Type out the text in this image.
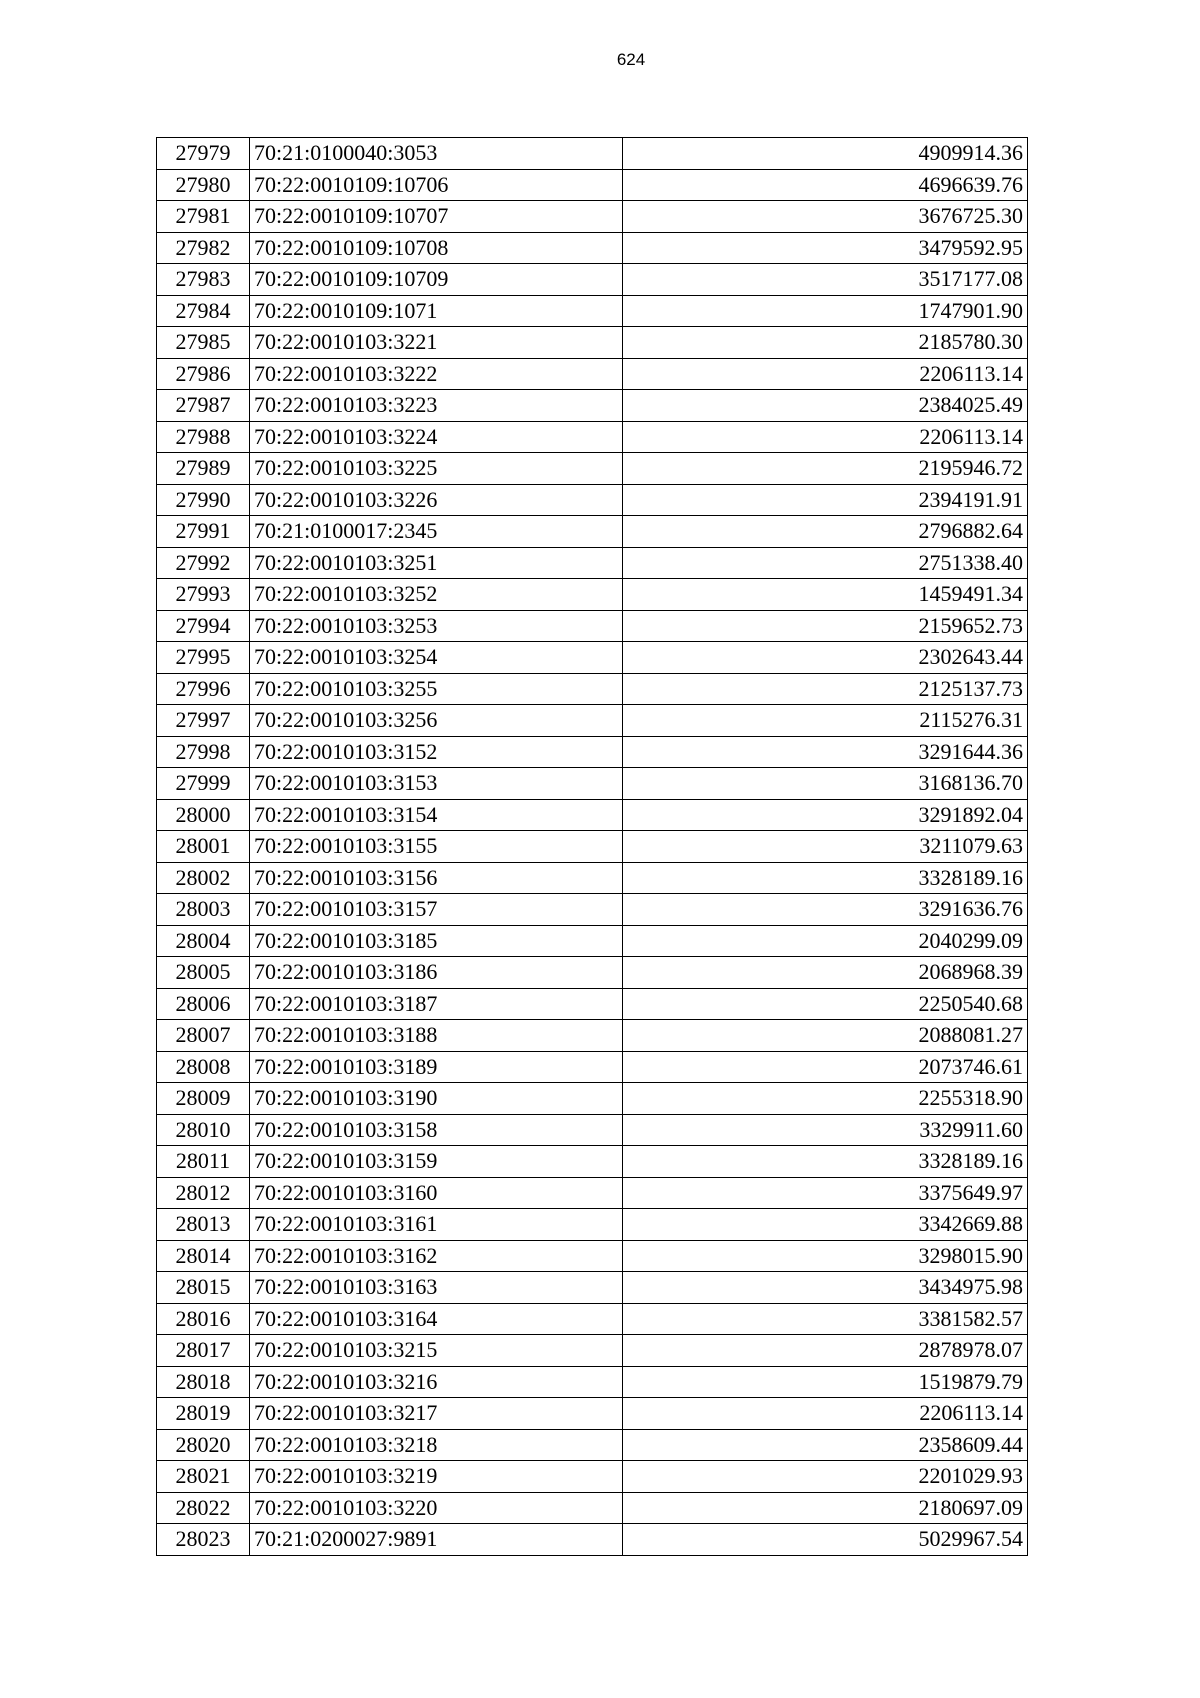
624
27979	70:21:0100040:3053	4909914.36
27980	70:22:0010109:10706	4696639.76
27981	70:22:0010109:10707	3676725.30
27982	70:22:0010109:10708	3479592.95
27983	70:22:0010109:10709	3517177.08
27984	70:22:0010109:1071	1747901.90
27985	70:22:0010103:3221	2185780.30
27986	70:22:0010103:3222	2206113.14
27987	70:22:0010103:3223	2384025.49
27988	70:22:0010103:3224	2206113.14
27989	70:22:0010103:3225	2195946.72
27990	70:22:0010103:3226	2394191.91
27991	70:21:0100017:2345	2796882.64
27992	70:22:0010103:3251	2751338.40
27993	70:22:0010103:3252	1459491.34
27994	70:22:0010103:3253	2159652.73
27995	70:22:0010103:3254	2302643.44
27996	70:22:0010103:3255	2125137.73
27997	70:22:0010103:3256	2115276.31
27998	70:22:0010103:3152	3291644.36
27999	70:22:0010103:3153	3168136.70
28000	70:22:0010103:3154	3291892.04
28001	70:22:0010103:3155	3211079.63
28002	70:22:0010103:3156	3328189.16
28003	70:22:0010103:3157	3291636.76
28004	70:22:0010103:3185	2040299.09
28005	70:22:0010103:3186	2068968.39
28006	70:22:0010103:3187	2250540.68
28007	70:22:0010103:3188	2088081.27
28008	70:22:0010103:3189	2073746.61
28009	70:22:0010103:3190	2255318.90
28010	70:22:0010103:3158	3329911.60
28011	70:22:0010103:3159	3328189.16
28012	70:22:0010103:3160	3375649.97
28013	70:22:0010103:3161	3342669.88
28014	70:22:0010103:3162	3298015.90
28015	70:22:0010103:3163	3434975.98
28016	70:22:0010103:3164	3381582.57
28017	70:22:0010103:3215	2878978.07
28018	70:22:0010103:3216	1519879.79
28019	70:22:0010103:3217	2206113.14
28020	70:22:0010103:3218	2358609.44
28021	70:22:0010103:3219	2201029.93
28022	70:22:0010103:3220	2180697.09
28023	70:21:0200027:9891	5029967.54
